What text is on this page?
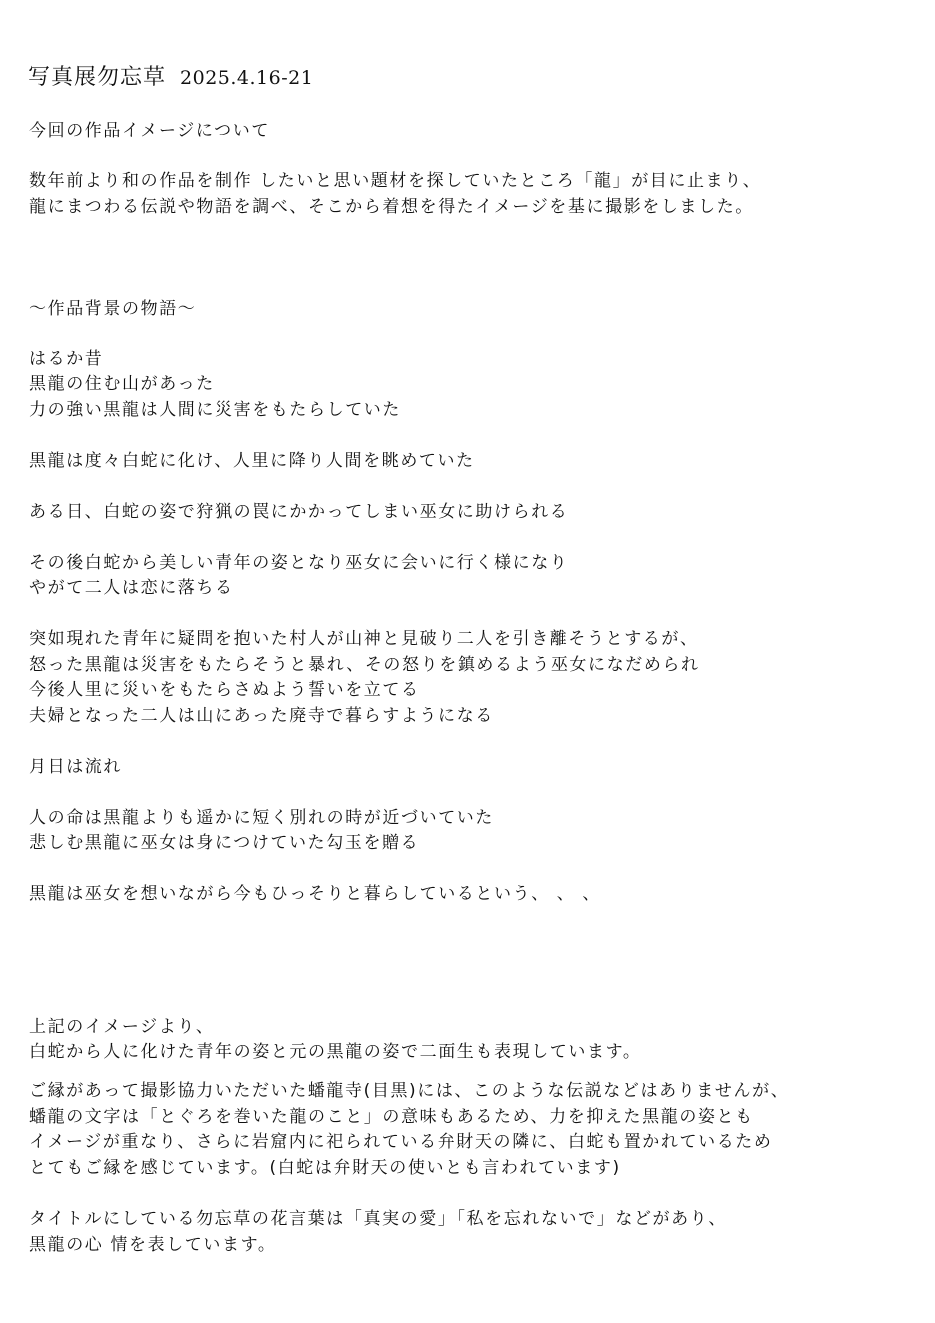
写真展勿忘草 2025.4.16-21
今回の作品イメージについて
数年前より和の作品を制作 したいと思い題材を探していたところ「龍」が目に止まり、
龍にまつわる伝説や物語を調べ、そこから着想を得たイメージを基に撮影をしました。
～作品背景の物語～
はるか昔
黒龍の住む山があった
力の強い黒龍は人間に災害をもたらしていた
黒龍は度々白蛇に化け、人里に降り人間を眺めていた
ある日、白蛇の姿で狩猟の罠にかかってしまい巫女に助けられる
その後白蛇から美しい青年の姿となり巫女に会いに行く様になり
やがて二人は恋に落ちる
突如現れた青年に疑問を抱いた村人が山神と見破り二人を引き離そうとするが、
怒った黒龍は災害をもたらそうと暴れ、その怒りを鎮めるよう巫女になだめられ
今後人里に災いをもたらさぬよう誓いを立てる
夫婦となった二人は山にあった廃寺で暮らすようになる
月日は流れ
人の命は黒龍よりも遥かに短く別れの時が近づいていた
悲しむ黒龍に巫女は身につけていた勾玉を贈る
黒龍は巫女を想いながら今もひっそりと暮らしているという、 、 、
上記のイメージより、
白蛇から人に化けた青年の姿と元の黒龍の姿で二面生も表現しています。
ご縁があって撮影協力いただいた蟠龍寺(目黒)には、このような伝説などはありませんが、
蟠龍の文字は「とぐろを巻いた龍のこと」の意味もあるため、力を抑えた黒龍の姿とも
イメージが重なり、さらに岩窟内に祀られている弁財天の隣に、白蛇も置かれているため
とてもご縁を感じています。(白蛇は弁財天の使いとも言われています)
タイトルにしている勿忘草の花言葉は「真実の愛」「私を忘れないで」などがあり、
黒龍の心 情を表しています。
